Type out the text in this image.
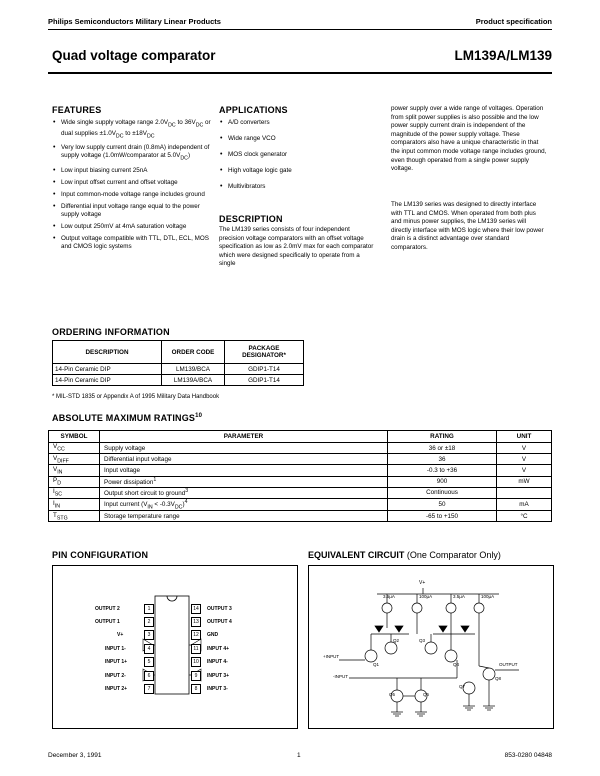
Philips Semiconductors Military Linear Products	Product specification
Quad voltage comparator	LM139A/LM139
FEATURES
• Wide single supply voltage range $2.0V_{DC}$ to $36V_{DC}$ or dual supplies $\pm 1.0V_{DC}$ to $\pm 18V_{DC}$
• Very low supply current drain (0.8mA) independent of supply voltage (1.0mW/comparator at $5.0V_{DC}$)
• Low input biasing current 25nA
• Low input offset current and offset voltage
• Input common-mode voltage range includes ground
• Differential input voltage range equal to the power supply voltage
• Low output 250mV at 4mA saturation voltage
• Output voltage compatible with TTL, DTL, ECL, MOS and CMOS logic systems
APPLICATIONS
• A/D converters
• Wide range VCO
• MOS clock generator
• High voltage logic gate
• Multivibrators
DESCRIPTION
The LM139 series consists of four independent precision voltage comparators with an offset voltage specification as low as 2.0mV max for each comparator which were designed specifically to operate from a single
power supply over a wide range of voltages. Operation from split power supplies is also possible and the low power supply current drain is independent of the magnitude of the power supply voltage. These comparators also have a unique characteristic in that the input common mode voltage range includes ground, even though operated from a single power supply voltage.
The LM139 series was designed to directly interface with TTL and CMOS. When operated from both plus and minus power supplies, the LM139 series will directly interface with MOS logic where their low power drain is a distinct advantage over standard comparators.
ORDERING INFORMATION
DESCRIPTION	ORDER CODE	PACKAGE DESIGNATOR*
14-Pin Ceramic DIP	LM139/BCA	GDIP1-T14
14-Pin Ceramic DIP	LM139A/BCA	GDIP1-T14
* MIL-STD 1835 or Appendix A of 1995 Military Data Handbook
ABSOLUTE MAXIMUM RATINGS$^{10}$
SYMBOL	PARAMETER	RATING	UNIT
$V_{CC}$	Supply voltage	36 or ±18	V
$V_{DIFF}$	Differential input voltage	36	V
$V_{IN}$	Input voltage	-0.3 to +36	V
$P_D$	Power dissipation$^1$	900	mW
$I_{SC}$	Output short circuit to ground$^3$	Continuous	
$I_{IN}$	Input current $(V_{IN} < -0.3V_{DC})^4$	50	mA
$T_{STG}$	Storage temperature range	-65 to +150	°C
PIN CONFIGURATION
OUTPUT 2	1
OUTPUT 1	2
V+	3
INPUT 1-	4
INPUT 1+	5
INPUT 2-	6
INPUT 2+	7
14	OUTPUT 3
13	OUTPUT 4
12	GND
11	INPUT 4+
10	INPUT 4-
9	INPUT 3+
8	INPUT 3-
EQUIVALENT CIRCUIT (One Comparator Only)
V+
3.5µA	100µA	3.5µA	100µA
+INPUT
-INPUT
OUTPUT
Q1
Q2	Q3
Q4
Q5	Q6
Q7
Q8
December 3, 1991	1	853-0280 04848
